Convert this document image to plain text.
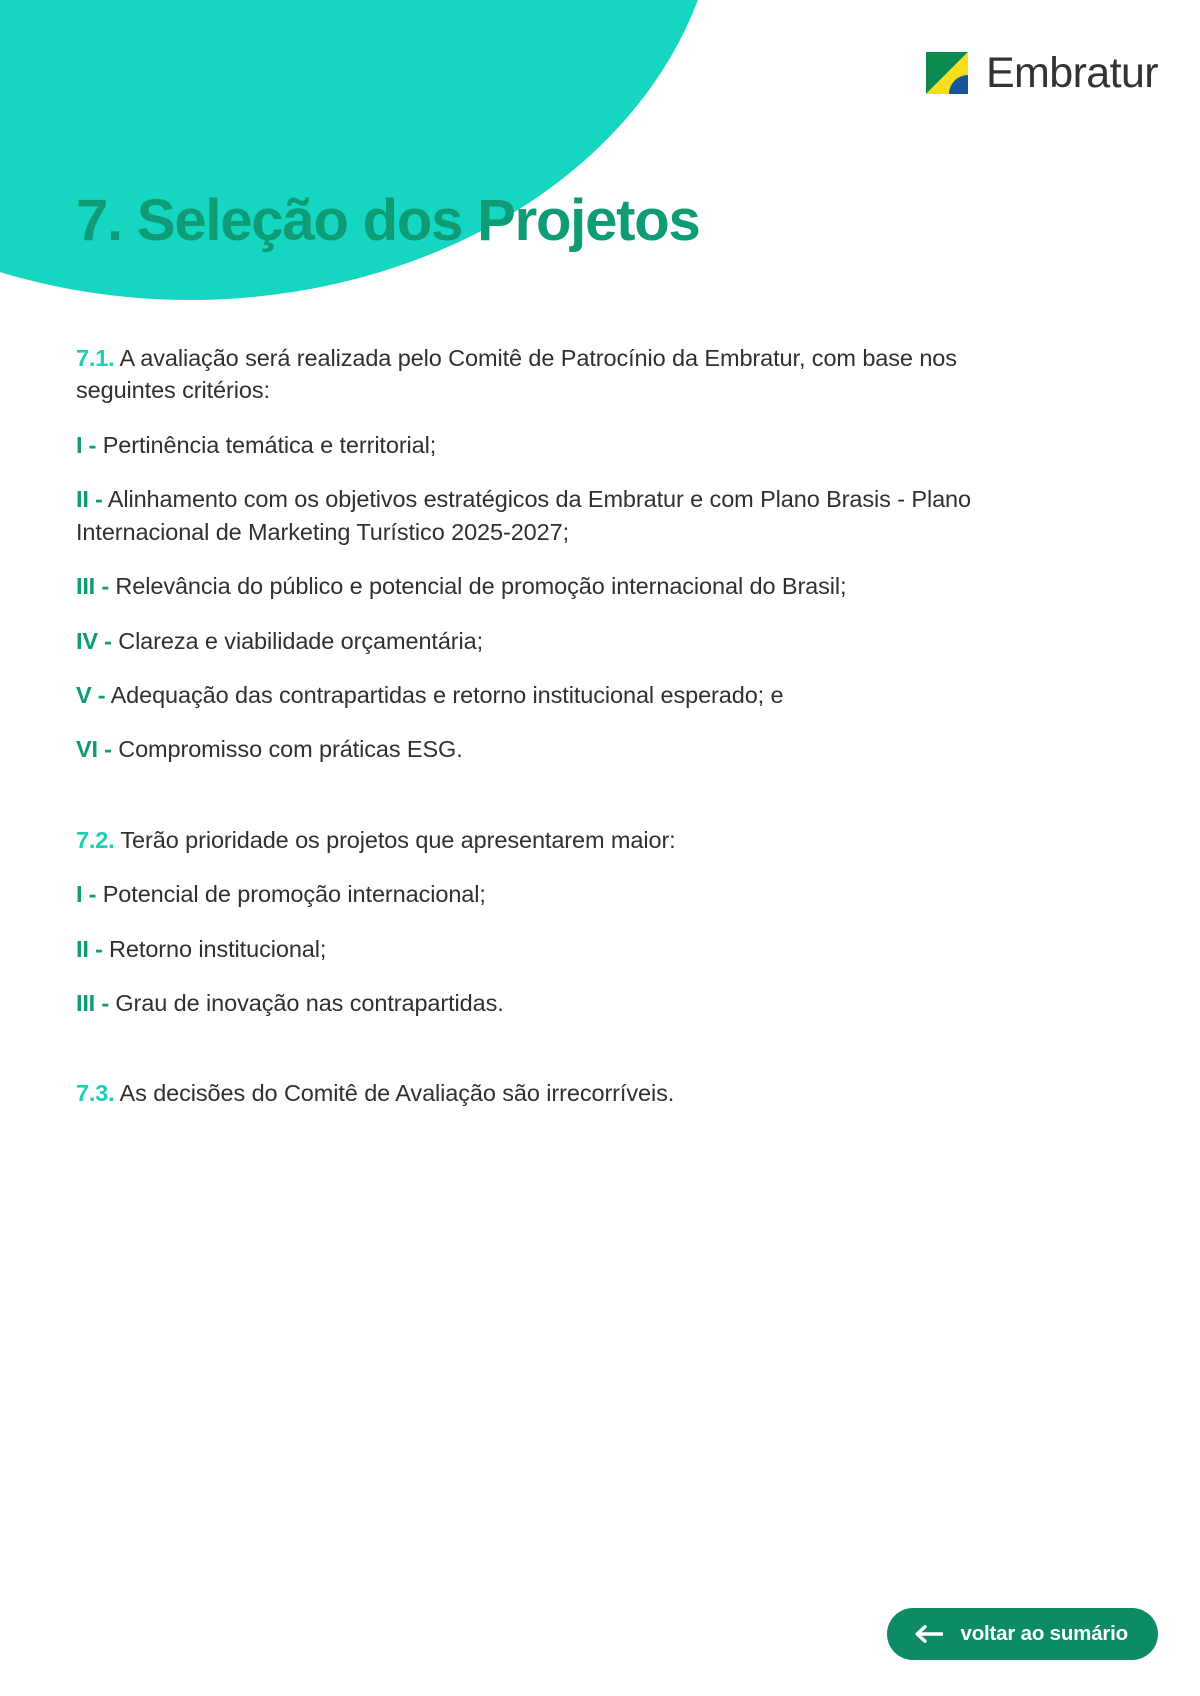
Embratur
7. Seleção dos Projetos

7.1. A avaliação será realizada pelo Comitê de Patrocínio da Embratur, com base nos seguintes critérios:

I - Pertinência temática e territorial;

II - Alinhamento com os objetivos estratégicos da Embratur e com Plano Brasis - Plano Internacional de Marketing Turístico 2025-2027;

III - Relevância do público e potencial de promoção internacional do Brasil;

IV - Clareza e viabilidade orçamentária;

V - Adequação das contrapartidas e retorno institucional esperado; e

VI - Compromisso com práticas ESG.

7.2. Terão prioridade os projetos que apresentarem maior:

I - Potencial de promoção internacional;

II - Retorno institucional;

III - Grau de inovação nas contrapartidas.

7.3. As decisões do Comitê de Avaliação são irrecorríveis.

voltar ao sumário
